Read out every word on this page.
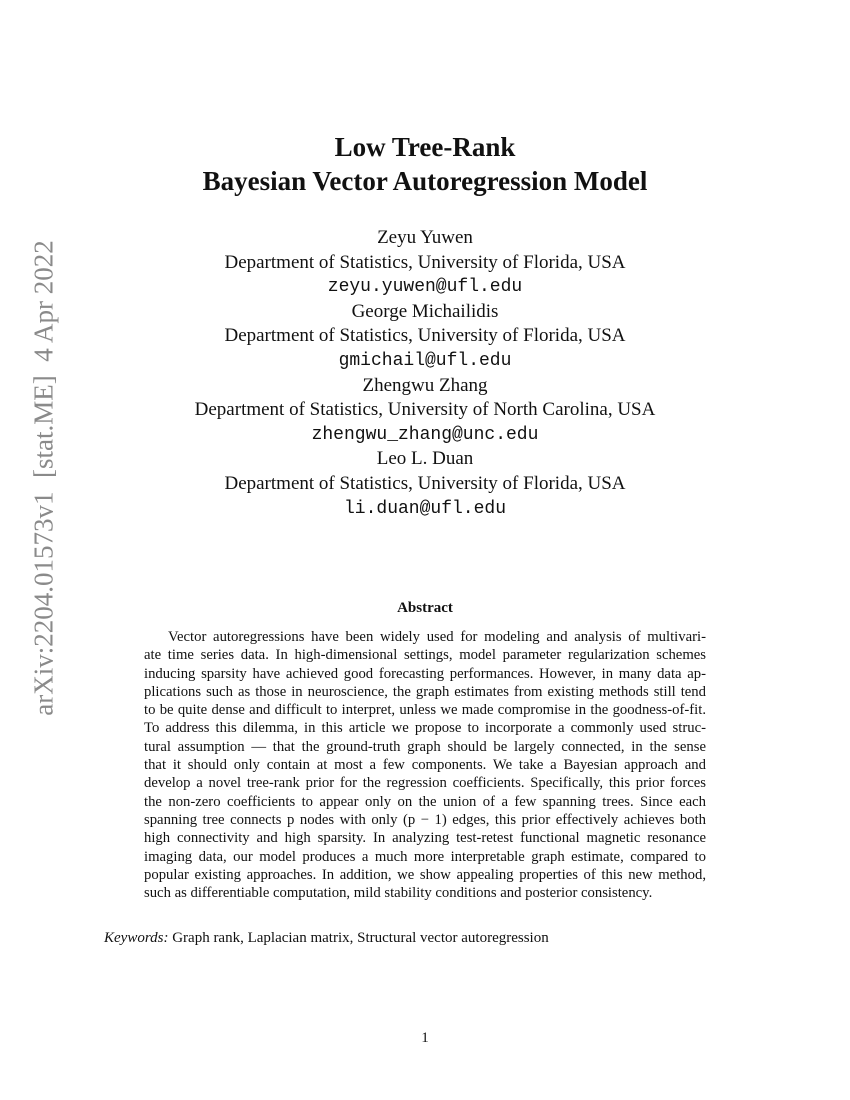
arXiv:2204.01573v1  [stat.ME]  4 Apr 2022
Low Tree-Rank
Bayesian Vector Autoregression Model
Zeyu Yuwen
Department of Statistics, University of Florida, USA
zeyu.yuwen@ufl.edu
George Michailidis
Department of Statistics, University of Florida, USA
gmichail@ufl.edu
Zhengwu Zhang
Department of Statistics, University of North Carolina, USA
zhengwu_zhang@unc.edu
Leo L. Duan
Department of Statistics, University of Florida, USA
li.duan@ufl.edu
Abstract
Vector autoregressions have been widely used for modeling and analysis of multivari-
ate time series data. In high-dimensional settings, model parameter regularization schemes
inducing sparsity have achieved good forecasting performances. However, in many data ap-
plications such as those in neuroscience, the graph estimates from existing methods still tend
to be quite dense and difficult to interpret, unless we made compromise in the goodness-of-fit.
To address this dilemma, in this article we propose to incorporate a commonly used struc-
tural assumption — that the ground-truth graph should be largely connected, in the sense
that it should only contain at most a few components. We take a Bayesian approach and
develop a novel tree-rank prior for the regression coefficients. Specifically, this prior forces
the non-zero coefficients to appear only on the union of a few spanning trees. Since each
spanning tree connects p nodes with only (p − 1) edges, this prior effectively achieves both
high connectivity and high sparsity. In analyzing test-retest functional magnetic resonance
imaging data, our model produces a much more interpretable graph estimate, compared to
popular existing approaches. In addition, we show appealing properties of this new method,
such as differentiable computation, mild stability conditions and posterior consistency.
Keywords: Graph rank, Laplacian matrix, Structural vector autoregression
1
